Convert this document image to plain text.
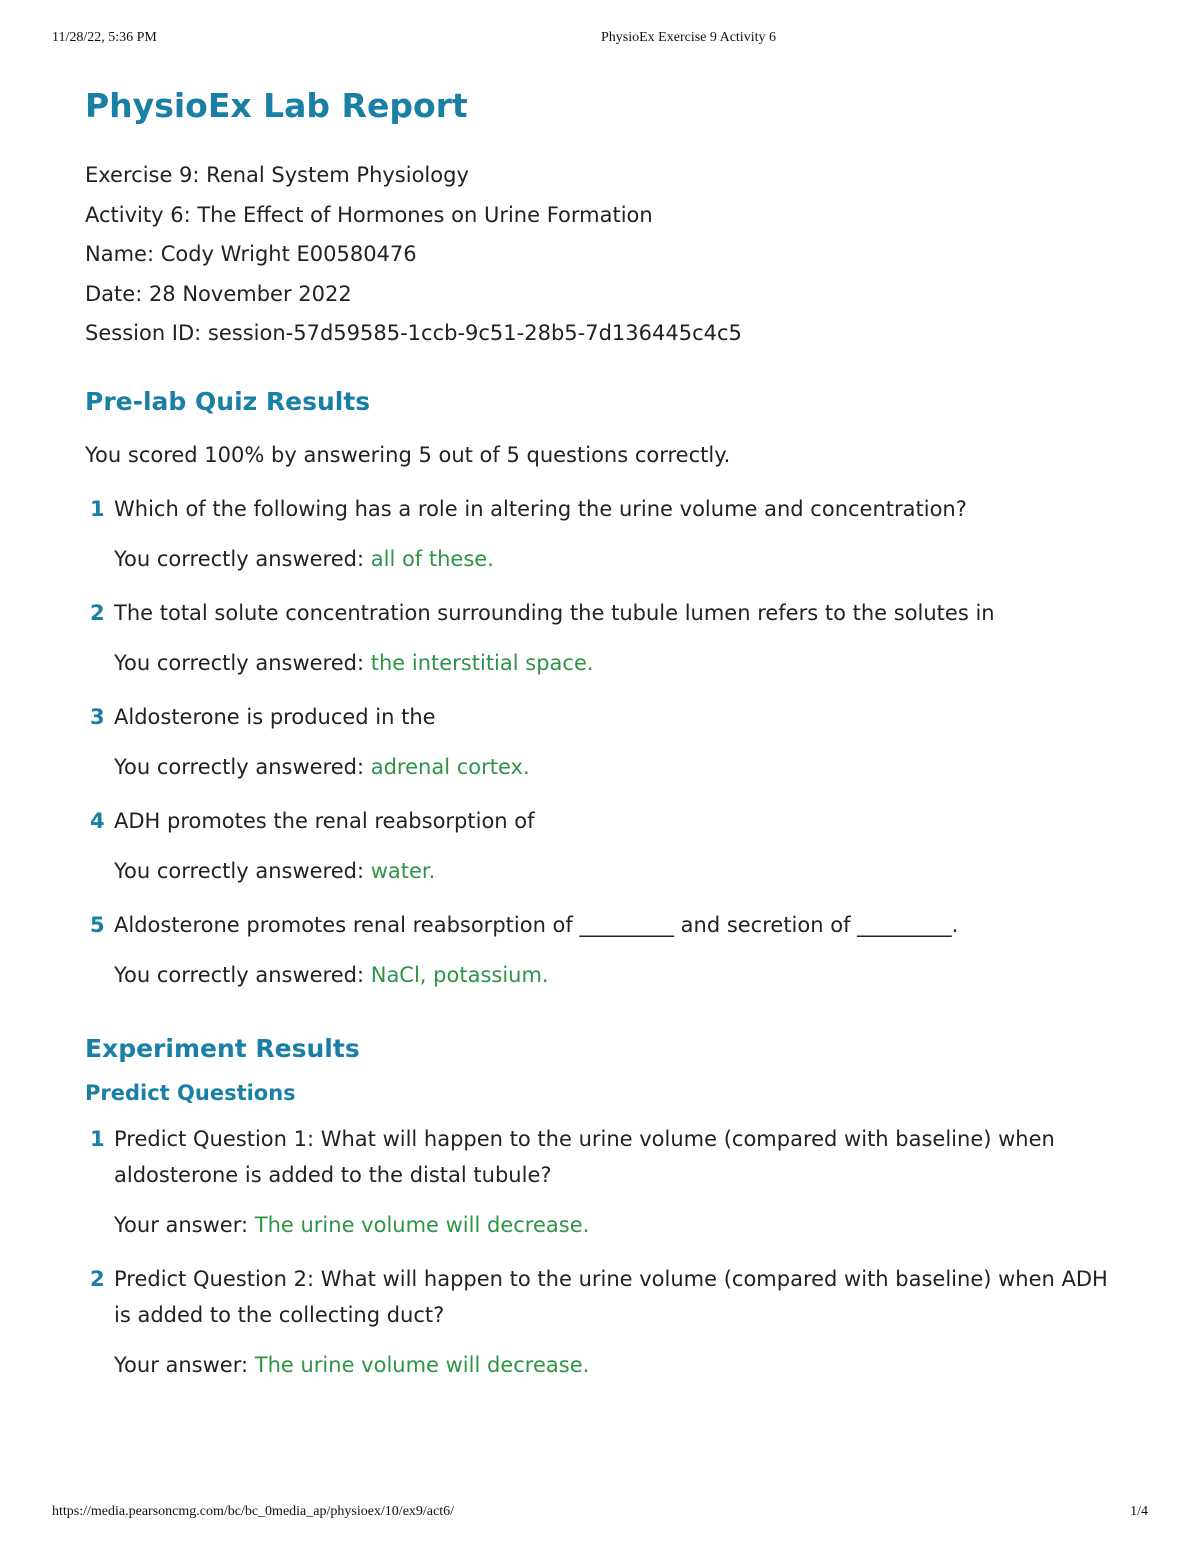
11/28/22, 5:36 PM	PhysioEx Exercise 9 Activity 6
PhysioEx Lab Report
Exercise 9: Renal System Physiology
Activity 6: The Effect of Hormones on Urine Formation
Name: Cody Wright E00580476
Date: 28 November 2022
Session ID: session-57d59585-1ccb-9c51-28b5-7d136445c4c5
Pre-lab Quiz Results
You scored 100% by answering 5 out of 5 questions correctly.
1 Which of the following has a role in altering the urine volume and concentration?
You correctly answered: all of these.
2 The total solute concentration surrounding the tubule lumen refers to the solutes in
You correctly answered: the interstitial space.
3 Aldosterone is produced in the
You correctly answered: adrenal cortex.
4 ADH promotes the renal reabsorption of
You correctly answered: water.
5 Aldosterone promotes renal reabsorption of _________ and secretion of _________.
You correctly answered: NaCl, potassium.
Experiment Results
Predict Questions
1 Predict Question 1: What will happen to the urine volume (compared with baseline) when aldosterone is added to the distal tubule?
Your answer: The urine volume will decrease.
2 Predict Question 2: What will happen to the urine volume (compared with baseline) when ADH is added to the collecting duct?
Your answer: The urine volume will decrease.
https://media.pearsoncmg.com/bc/bc_0media_ap/physioex/10/ex9/act6/	1/4
